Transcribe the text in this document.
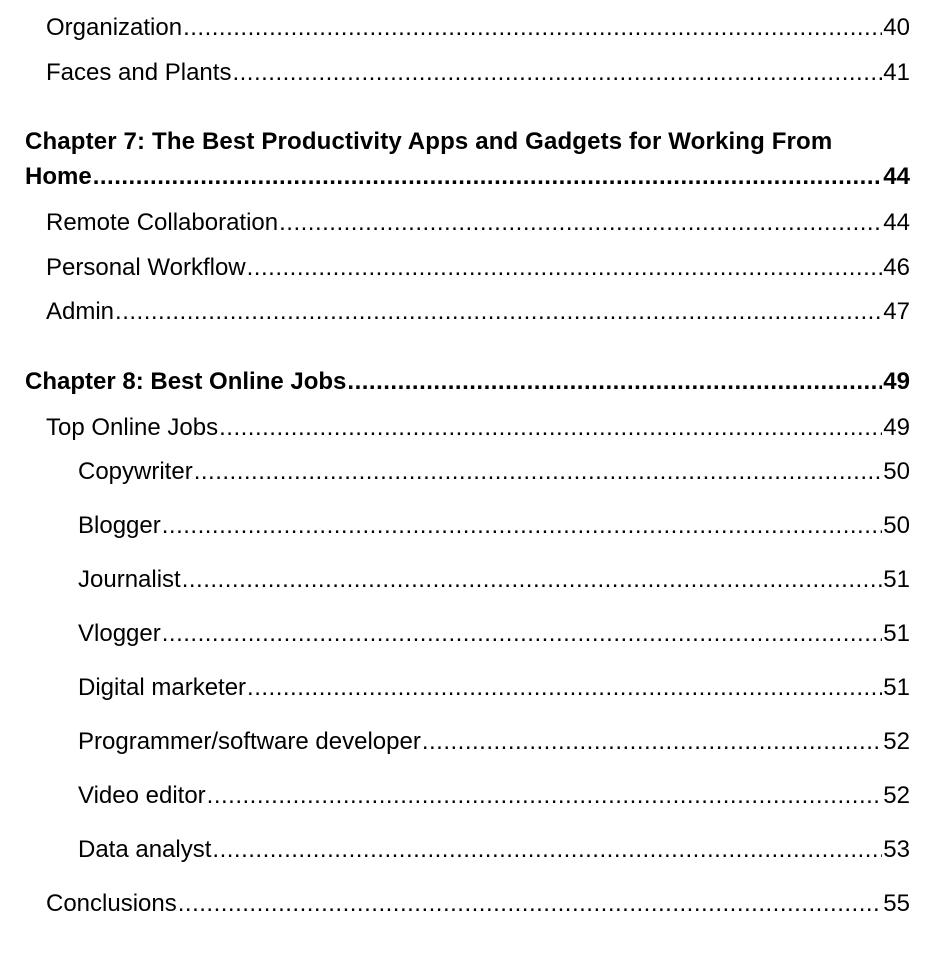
Organization .....	40
Faces and Plants .....	41
Chapter 7: The Best Productivity Apps and Gadgets for Working From
Home .....	44
Remote Collaboration .....	44
Personal Workflow .....	46
Admin .....	47
Chapter 8: Best Online Jobs .....	49
Top Online Jobs .....	49
Copywriter .....	50
Blogger .....	50
Journalist .....	51
Vlogger .....	51
Digital marketer .....	51
Programmer/software developer .....	52
Video editor .....	52
Data analyst .....	53
Conclusions .....	55
